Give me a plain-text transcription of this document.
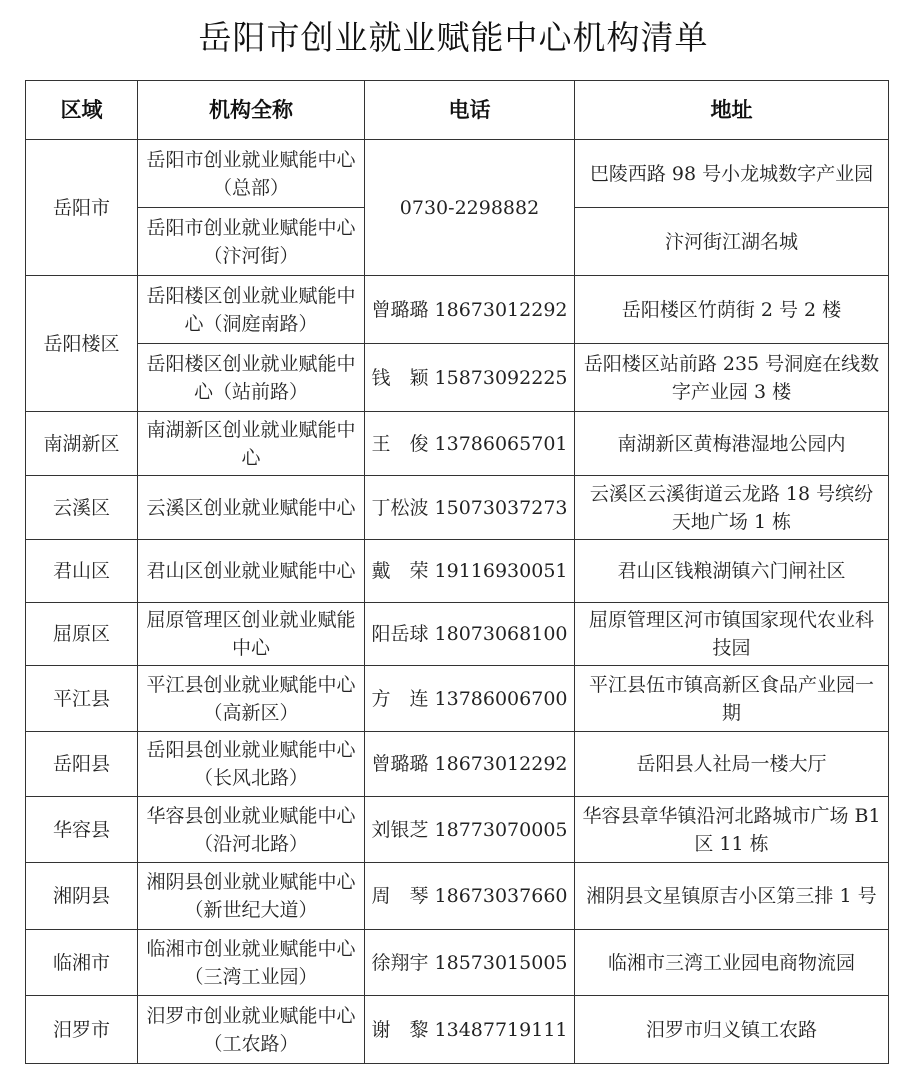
岳阳市创业就业赋能中心机构清单
区域	机构全称	电话	地址
岳阳市	岳阳市创业就业赋能中心（总部）	0730-2298882	巴陵西路 98 号小龙城数字产业园
	岳阳市创业就业赋能中心（汴河街）		汴河街江湖名城
岳阳楼区	岳阳楼区创业就业赋能中心（洞庭南路）	曾璐璐 18673012292	岳阳楼区竹荫街 2 号 2 楼
	岳阳楼区创业就业赋能中心（站前路）	钱　颖 15873092225	岳阳楼区站前路 235 号洞庭在线数字产业园 3 楼
南湖新区	南湖新区创业就业赋能中心	王　俊 13786065701	南湖新区黄梅港湿地公园内
云溪区	云溪区创业就业赋能中心	丁松波 15073037273	云溪区云溪街道云龙路 18 号缤纷天地广场 1 栋
君山区	君山区创业就业赋能中心	戴　荣 19116930051	君山区钱粮湖镇六门闸社区
屈原区	屈原管理区创业就业赋能中心	阳岳球 18073068100	屈原管理区河市镇国家现代农业科技园
平江县	平江县创业就业赋能中心（高新区）	方　连 13786006700	平江县伍市镇高新区食品产业园一期
岳阳县	岳阳县创业就业赋能中心（长风北路）	曾璐璐 18673012292	岳阳县人社局一楼大厅
华容县	华容县创业就业赋能中心（沿河北路）	刘银芝 18773070005	华容县章华镇沿河北路城市广场 B1 区 11 栋
湘阴县	湘阴县创业就业赋能中心（新世纪大道）	周　琴 18673037660	湘阴县文星镇原吉小区第三排 1 号
临湘市	临湘市创业就业赋能中心（三湾工业园）	徐翔宇 18573015005	临湘市三湾工业园电商物流园
汨罗市	汨罗市创业就业赋能中心（工农路）	谢　黎 13487719111	汨罗市归义镇工农路
